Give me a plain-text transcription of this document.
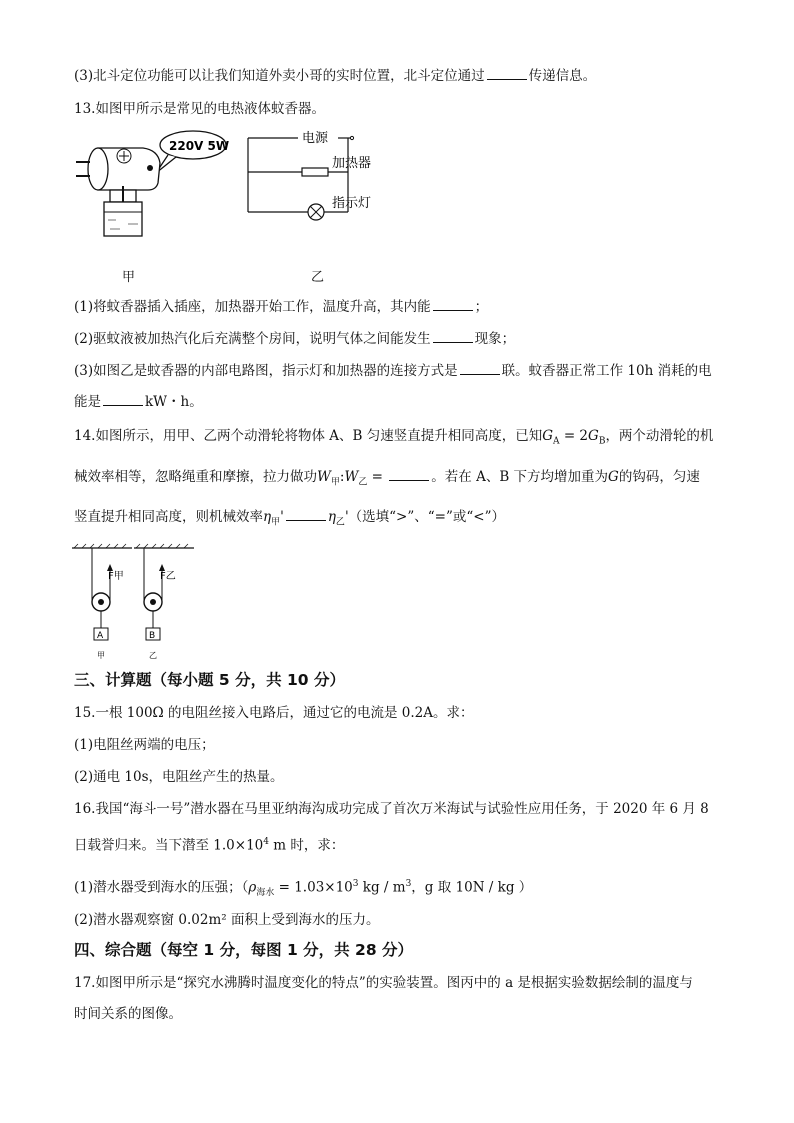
(3)北斗定位功能可以让我们知道外卖小哥的实时位置，北斗定位通过	传递信息。
13.如图甲所示是常见的电热液体蚊香器。
220V 5W	电源
加热器
指示灯
甲	乙
(1)将蚊香器插入插座，加热器开始工作，温度升高，其内能	；
(2)驱蚊液被加热汽化后充满整个房间，说明气体之间能发生	现象；
(3)如图乙是蚊香器的内部电路图，指示灯和加热器的连接方式是	联。蚊香器正常工作 10h 消耗的电
能是	kW・h。
14.如图所示，用甲、乙两个动滑轮将物体 A、B 匀速竖直提升相同高度，已知$G_A = 2G_B$，两个动滑轮的机
械效率相等，忽略绳重和摩擦，拉力做功$W_甲:W_乙$ =	。若在 A、B 下方均增加重为G的钩码，匀速
竖直提升相同高度，则机械效率$\eta_甲'$	$\eta_乙'$（选填“>”、“=”或“<”）
A
F甲
甲
B
F乙
乙
三、计算题（每小题 5 分，共 10 分）
15.一根 100Ω 的电阻丝接入电路后，通过它的电流是 0.2A。求：
(1)电阻丝两端的电压；
(2)通电 10s，电阻丝产生的热量。
16.我国“海斗一号”潜水器在马里亚纳海沟成功完成了首次万米海试与试验性应用任务，于 2020 年 6 月 8
日载誉归来。当下潜至 $1.0\times 10^4$ m 时，求：
(1)潜水器受到海水的压强；（$\rho_{海水} = 1.03\times 10^3$ kg / $m^3$，g 取 10N / kg ）
(2)潜水器观察窗 0.02m² 面积上受到海水的压力。
四、综合题（每空 1 分，每图 1 分，共 28 分）
17.如图甲所示是“探究水沸腾时温度变化的特点”的实验装置。图丙中的 a 是根据实验数据绘制的温度与
时间关系的图像。
